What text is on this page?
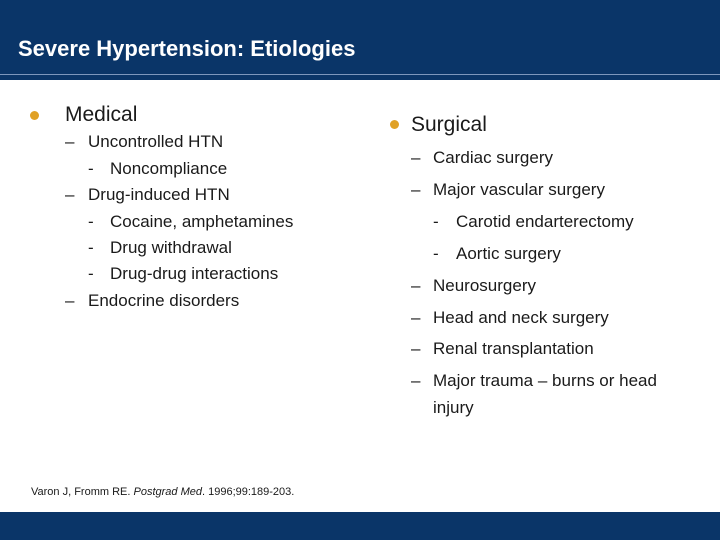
Severe Hypertension: Etiologies
Medical
– Uncontrolled HTN
- Noncompliance
– Drug-induced HTN
- Cocaine, amphetamines
- Drug withdrawal
- Drug-drug interactions
– Endocrine disorders
Surgical
– Cardiac surgery
– Major vascular surgery
- Carotid endarterectomy
- Aortic surgery
– Neurosurgery
– Head and neck surgery
– Renal transplantation
– Major trauma – burns or head
injury
Varon J, Fromm RE. Postgrad Med. 1996;99:189-203.
